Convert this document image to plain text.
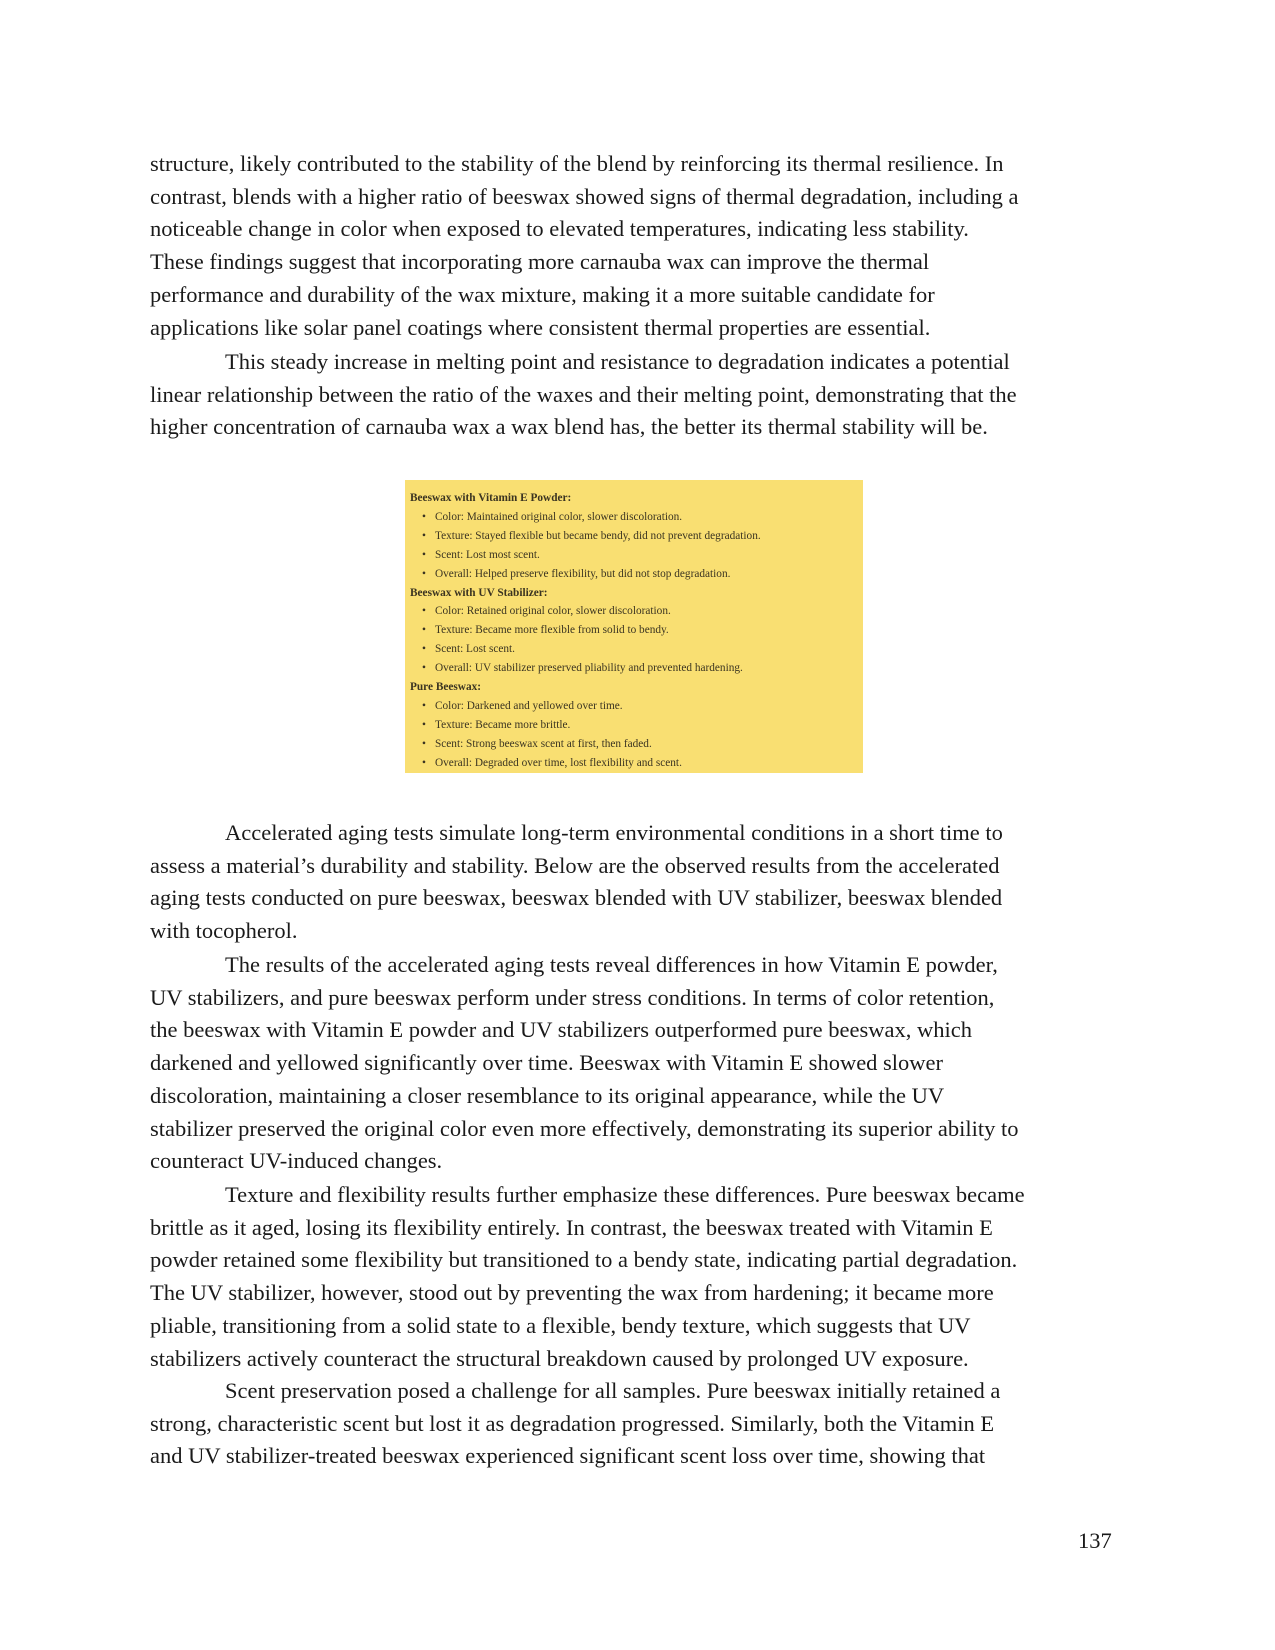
structure, likely contributed to the stability of the blend by reinforcing its thermal resilience. In
contrast, blends with a higher ratio of beeswax showed signs of thermal degradation, including a
noticeable change in color when exposed to elevated temperatures, indicating less stability.
These findings suggest that incorporating more carnauba wax can improve the thermal
performance and durability of the wax mixture, making it a more suitable candidate for
applications like solar panel coatings where consistent thermal properties are essential.

This steady increase in melting point and resistance to degradation indicates a potential
linear relationship between the ratio of the waxes and their melting point, demonstrating that the
higher concentration of carnauba wax a wax blend has, the better its thermal stability will be.

Beeswax with Vitamin E Powder:
• Color: Maintained original color, slower discoloration.
• Texture: Stayed flexible but became bendy, did not prevent degradation.
• Scent: Lost most scent.
• Overall: Helped preserve flexibility, but did not stop degradation.
Beeswax with UV Stabilizer:
• Color: Retained original color, slower discoloration.
• Texture: Became more flexible from solid to bendy.
• Scent: Lost scent.
• Overall: UV stabilizer preserved pliability and prevented hardening.
Pure Beeswax:
• Color: Darkened and yellowed over time.
• Texture: Became more brittle.
• Scent: Strong beeswax scent at first, then faded.
• Overall: Degraded over time, lost flexibility and scent.

Accelerated aging tests simulate long-term environmental conditions in a short time to
assess a material’s durability and stability. Below are the observed results from the accelerated
aging tests conducted on pure beeswax, beeswax blended with UV stabilizer, beeswax blended
with tocopherol.

The results of the accelerated aging tests reveal differences in how Vitamin E powder,
UV stabilizers, and pure beeswax perform under stress conditions. In terms of color retention,
the beeswax with Vitamin E powder and UV stabilizers outperformed pure beeswax, which
darkened and yellowed significantly over time. Beeswax with Vitamin E showed slower
discoloration, maintaining a closer resemblance to its original appearance, while the UV
stabilizer preserved the original color even more effectively, demonstrating its superior ability to
counteract UV-induced changes.

Texture and flexibility results further emphasize these differences. Pure beeswax became
brittle as it aged, losing its flexibility entirely. In contrast, the beeswax treated with Vitamin E
powder retained some flexibility but transitioned to a bendy state, indicating partial degradation.
The UV stabilizer, however, stood out by preventing the wax from hardening; it became more
pliable, transitioning from a solid state to a flexible, bendy texture, which suggests that UV
stabilizers actively counteract the structural breakdown caused by prolonged UV exposure.

Scent preservation posed a challenge for all samples. Pure beeswax initially retained a
strong, characteristic scent but lost it as degradation progressed. Similarly, both the Vitamin E
and UV stabilizer-treated beeswax experienced significant scent loss over time, showing that

137
